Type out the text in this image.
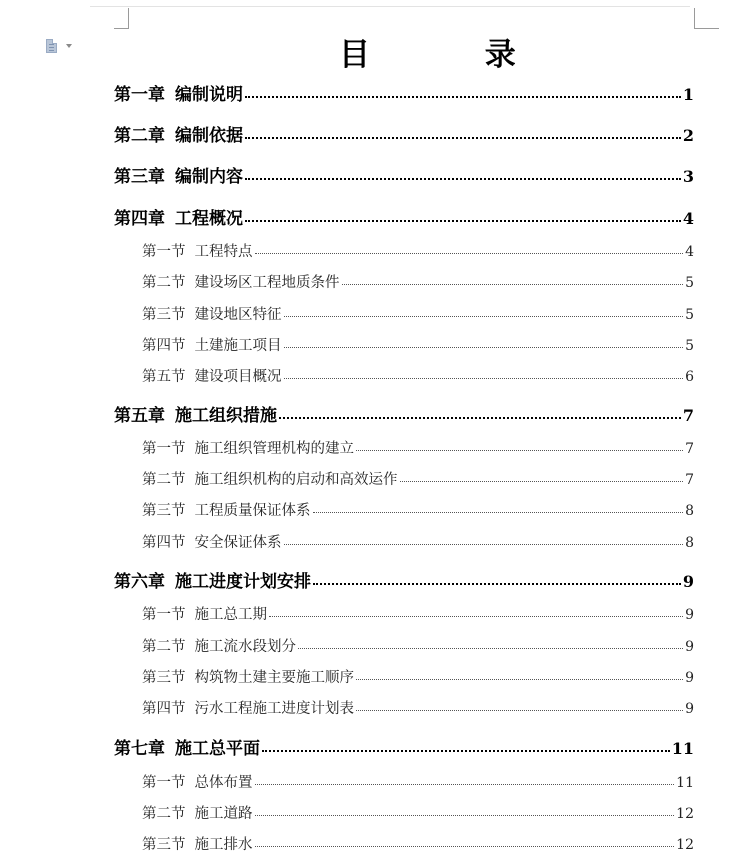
目 录
第一章 编制说明	1
第二章 编制依据	2
第三章 编制内容	3
第四章 工程概况	4
第一节 工程特点	4
第二节 建设场区工程地质条件	5
第三节 建设地区特征	5
第四节 土建施工项目	5
第五节 建设项目概况	6
第五章 施工组织措施	7
第一节 施工组织管理机构的建立	7
第二节 施工组织机构的启动和高效运作	7
第三节 工程质量保证体系	8
第四节 安全保证体系	8
第六章 施工进度计划安排	9
第一节 施工总工期	9
第二节 施工流水段划分	9
第三节 构筑物土建主要施工顺序	9
第四节 污水工程施工进度计划表	9
第七章 施工总平面	11
第一节 总体布置	11
第二节 施工道路	12
第三节 施工排水	12
